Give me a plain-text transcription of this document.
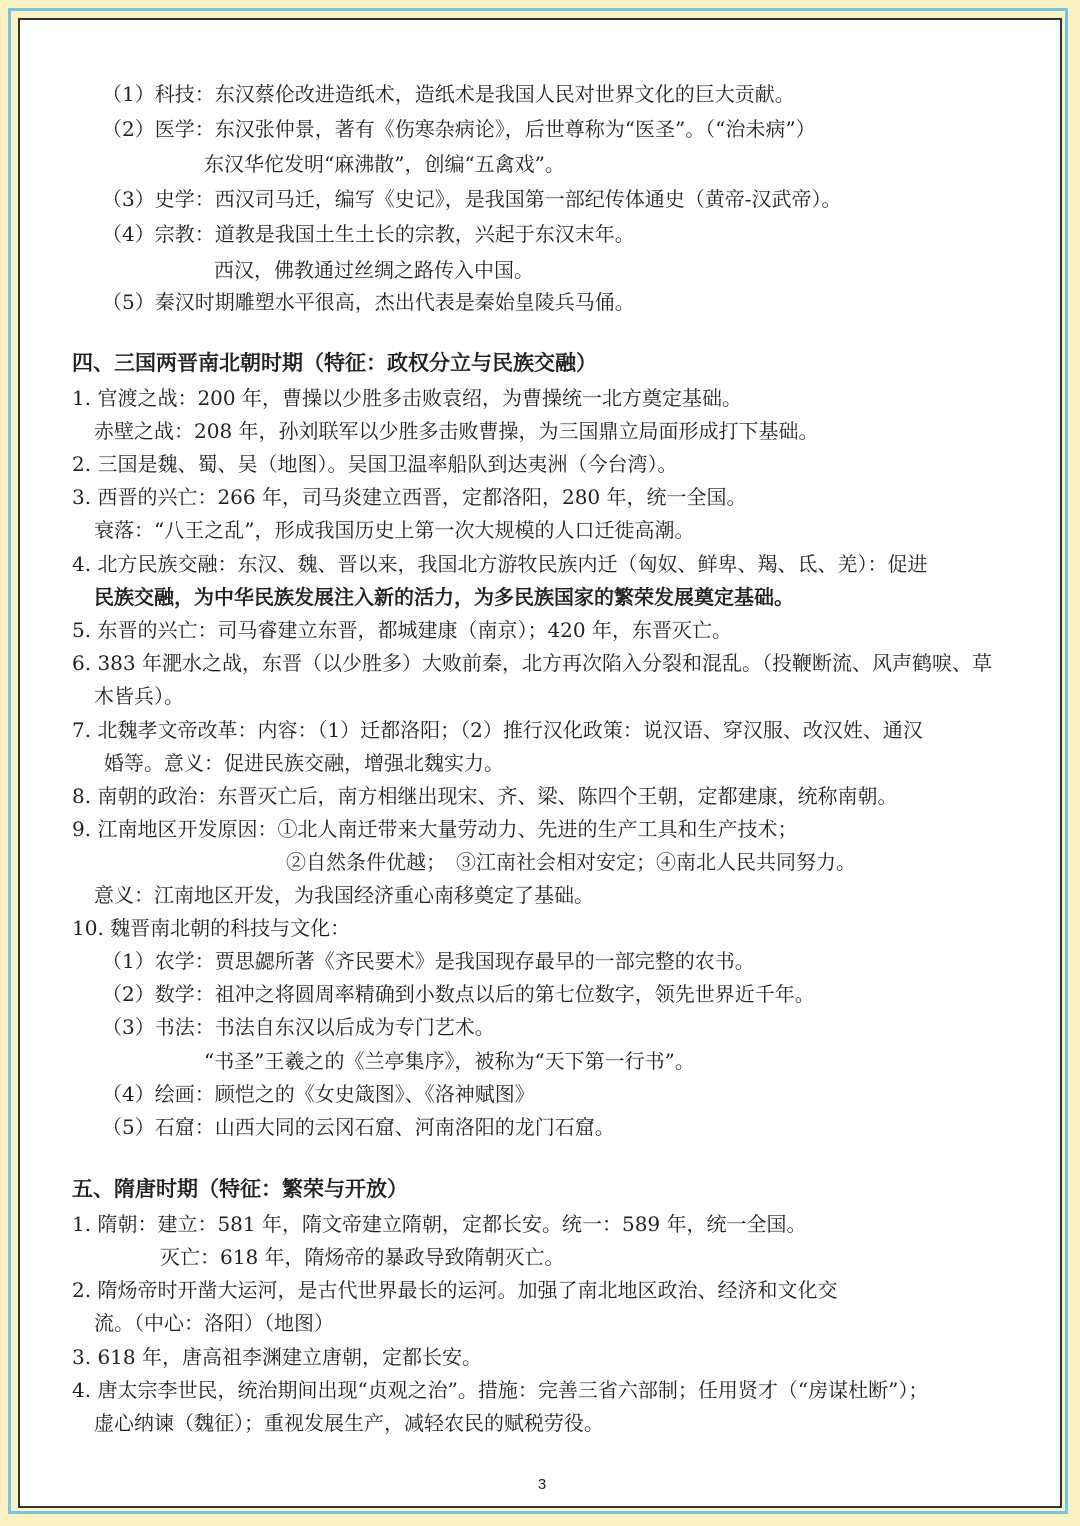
（1）科技：东汉蔡伦改进造纸术，造纸术是我国人民对世界文化的巨大贡献。
（2）医学：东汉张仲景，著有《伤寒杂病论》，后世尊称为“医圣”。（“治未病”）
东汉华佗发明“麻沸散”，创编“五禽戏”。
（3）史学：西汉司马迁，编写《史记》，是我国第一部纪传体通史（黄帝-汉武帝）。
（4）宗教：道教是我国土生土长的宗教，兴起于东汉末年。
西汉，佛教通过丝绸之路传入中国。
（5）秦汉时期雕塑水平很高，杰出代表是秦始皇陵兵马俑。
四、三国两晋南北朝时期（特征：政权分立与民族交融）
1. 官渡之战：200 年，曹操以少胜多击败袁绍，为曹操统一北方奠定基础。
赤壁之战：208 年，孙刘联军以少胜多击败曹操，为三国鼎立局面形成打下基础。
2. 三国是魏、蜀、吴（地图）。吴国卫温率船队到达夷洲（今台湾）。
3. 西晋的兴亡：266 年，司马炎建立西晋，定都洛阳，280 年，统一全国。
衰落：“八王之乱”，形成我国历史上第一次大规模的人口迁徙高潮。
4. 北方民族交融：东汉、魏、晋以来，我国北方游牧民族内迁（匈奴、鲜卑、羯、氐、羌）：促进
民族交融，为中华民族发展注入新的活力，为多民族国家的繁荣发展奠定基础。
5. 东晋的兴亡：司马睿建立东晋，都城建康（南京）；420 年，东晋灭亡。
6. 383 年淝水之战，东晋（以少胜多）大败前秦，北方再次陷入分裂和混乱。（投鞭断流、风声鹤唳、草
木皆兵）。
7. 北魏孝文帝改革：内容：（1）迁都洛阳；（2）推行汉化政策：说汉语、穿汉服、改汉姓、通汉
婚等。意义：促进民族交融，增强北魏实力。
8. 南朝的政治：东晋灭亡后，南方相继出现宋、齐、梁、陈四个王朝，定都建康，统称南朝。
9. 江南地区开发原因：①北人南迁带来大量劳动力、先进的生产工具和生产技术；
②自然条件优越；　③江南社会相对安定；④南北人民共同努力。
意义：江南地区开发，为我国经济重心南移奠定了基础。
10. 魏晋南北朝的科技与文化：
（1）农学：贾思勰所著《齐民要术》是我国现存最早的一部完整的农书。
（2）数学：祖冲之将圆周率精确到小数点以后的第七位数字，领先世界近千年。
（3）书法：书法自东汉以后成为专门艺术。
“书圣”王羲之的《兰亭集序》，被称为“天下第一行书”。
（4）绘画：顾恺之的《女史箴图》、《洛神赋图》
（5）石窟：山西大同的云冈石窟、河南洛阳的龙门石窟。
五、隋唐时期（特征：繁荣与开放）
1. 隋朝：建立：581 年，隋文帝建立隋朝，定都长安。统一：589 年，统一全国。
灭亡：618 年，隋炀帝的暴政导致隋朝灭亡。
2. 隋炀帝时开凿大运河，是古代世界最长的运河。加强了南北地区政治、经济和文化交
流。（中心：洛阳）（地图）
3. 618 年，唐高祖李渊建立唐朝，定都长安。
4. 唐太宗李世民，统治期间出现“贞观之治”。措施：完善三省六部制；任用贤才（“房谋杜断”）；
虚心纳谏（魏征）；重视发展生产，减轻农民的赋税劳役。
3
